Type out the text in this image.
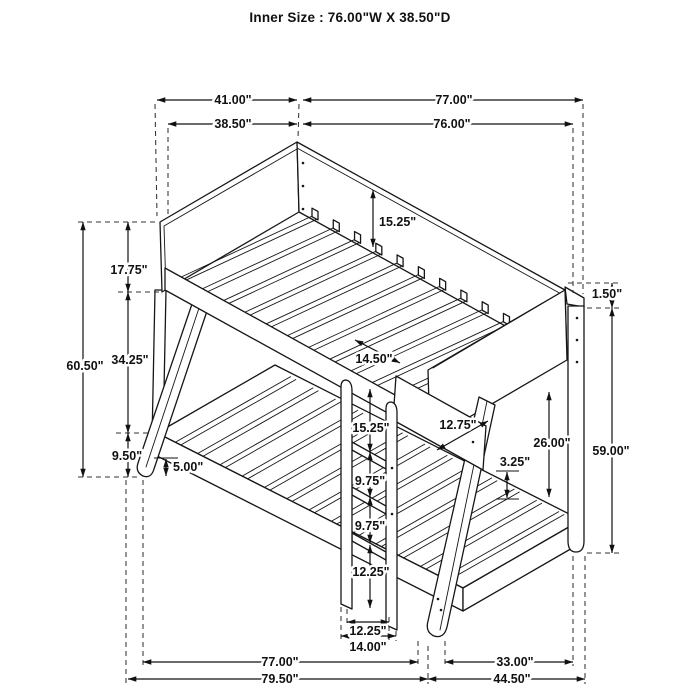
Inner Size : 76.00"W X 38.50"D
41.00"	77.00"
38.50"	76.00"
60.50"
17.75"
34.25"
9.50"
5.00"
15.25"
14.50"
12.75"
15.25"
9.75"
9.75"
12.25"
12.25"
14.00"
1.50"
59.00"
26.00"
3.25"
77.00"	33.00"
79.50"	44.50"
